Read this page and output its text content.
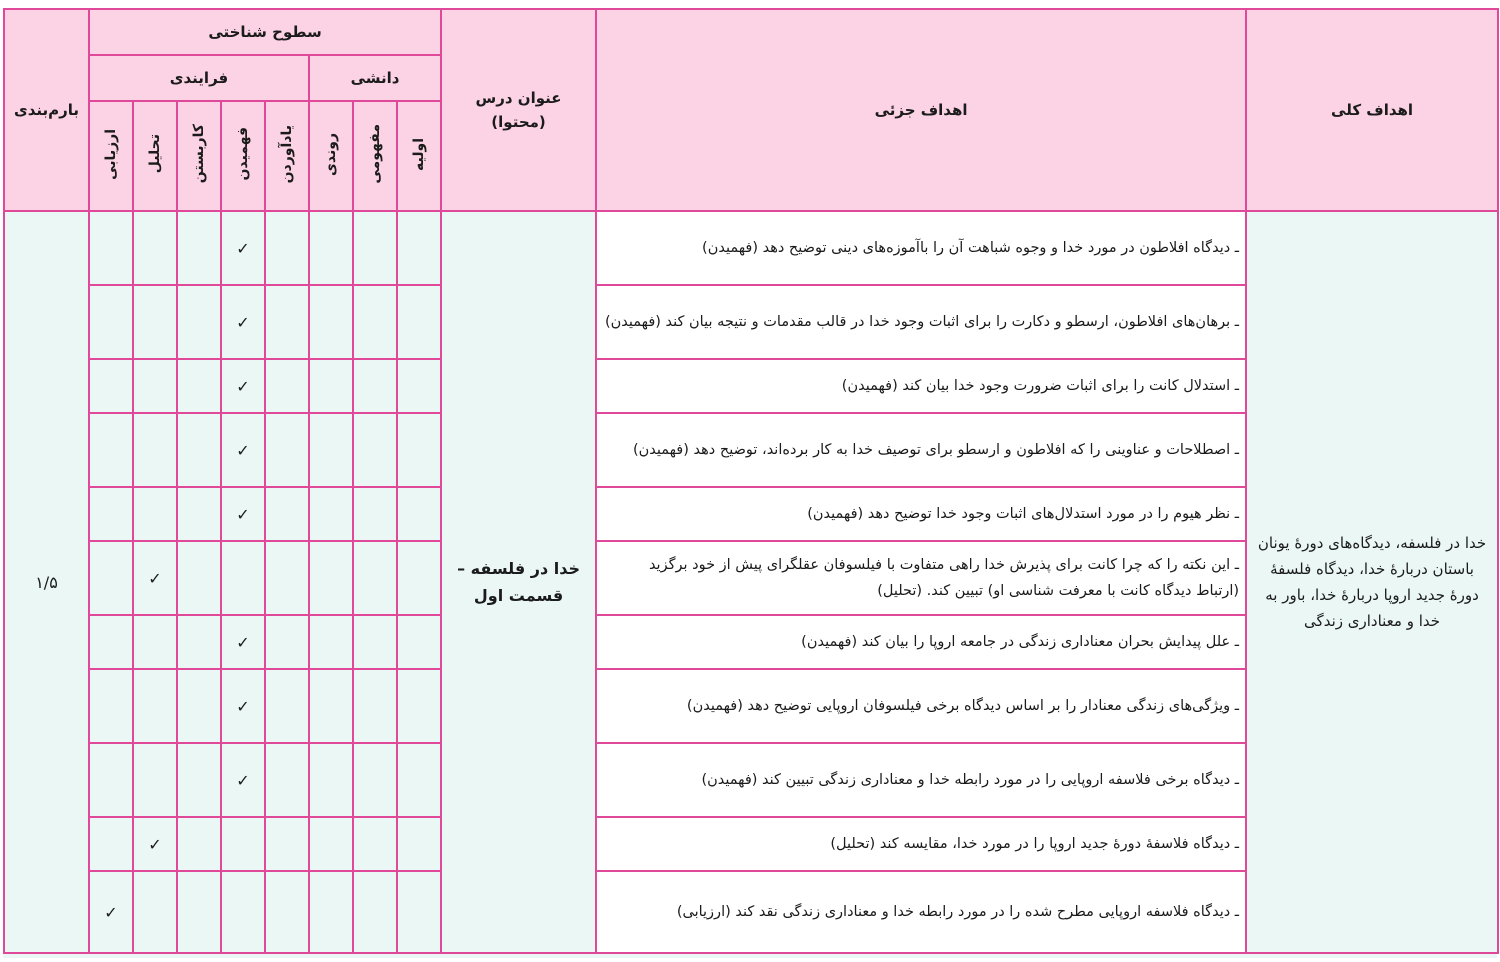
بارم‌بندی	سطوح شناختی								عنوان درس (محتوا)	اهداف جزئی	اهداف کلی
	فرایندی					دانشی					
	ارزیابی	تحلیل	کاربستن	فهمیدن	یادآوردن	روندی	مفهومی	اولیه			
۱/۵				✓					خدا در فلسفه – قسمت اول	ـ دیدگاه افلاطون در مورد خدا و وجوه شباهت آن را باآموزه‌های دینی توضیح دهد (فهمیدن)	خدا در فلسفه، دیدگاه‌های دورۀ یونان باستان دربارۀ خدا، دیدگاه فلسفۀ دورۀ جدید اروپا دربارۀ خدا، باور به خدا و معناداری زندگی
				✓						ـ برهان‌های افلاطون، ارسطو و دکارت را برای اثبات وجود خدا در قالب مقدمات و نتیجه بیان کند (فهمیدن)	
				✓						ـ استدلال کانت را برای اثبات ضرورت وجود خدا بیان کند (فهمیدن)	
				✓						ـ اصطلاحات و عناوینی را که افلاطون و ارسطو برای توصیف خدا به کار برده‌اند، توضیح دهد (فهمیدن)	
				✓						ـ نظر هیوم را در مورد استدلال‌های اثبات وجود خدا توضیح دهد (فهمیدن)	
		✓								ـ این نکته را که چرا کانت برای پذیرش خدا راهی متفاوت با فیلسوفان عقلگرای پیش از خود برگزید (ارتباط دیدگاه کانت با معرفت شناسی او) تبیین کند. (تحلیل)	
				✓						ـ علل پیدایش بحران معناداری زندگی در جامعه اروپا را بیان کند (فهمیدن)	
				✓						ـ ویژگی‌های زندگی معنادار را بر اساس دیدگاه برخی فیلسوفان اروپایی توضیح دهد (فهمیدن)	
				✓						ـ دیدگاه برخی فلاسفه اروپایی را در مورد رابطه خدا و معناداری زندگی تبیین کند (فهمیدن)	
		✓								ـ دیدگاه فلاسفۀ دورۀ جدید اروپا را در مورد خدا، مقایسه کند (تحلیل)	
	✓									ـ دیدگاه فلاسفه اروپایی مطرح شده را در مورد رابطه خدا و معناداری زندگی نقد کند (ارزیابی)	
